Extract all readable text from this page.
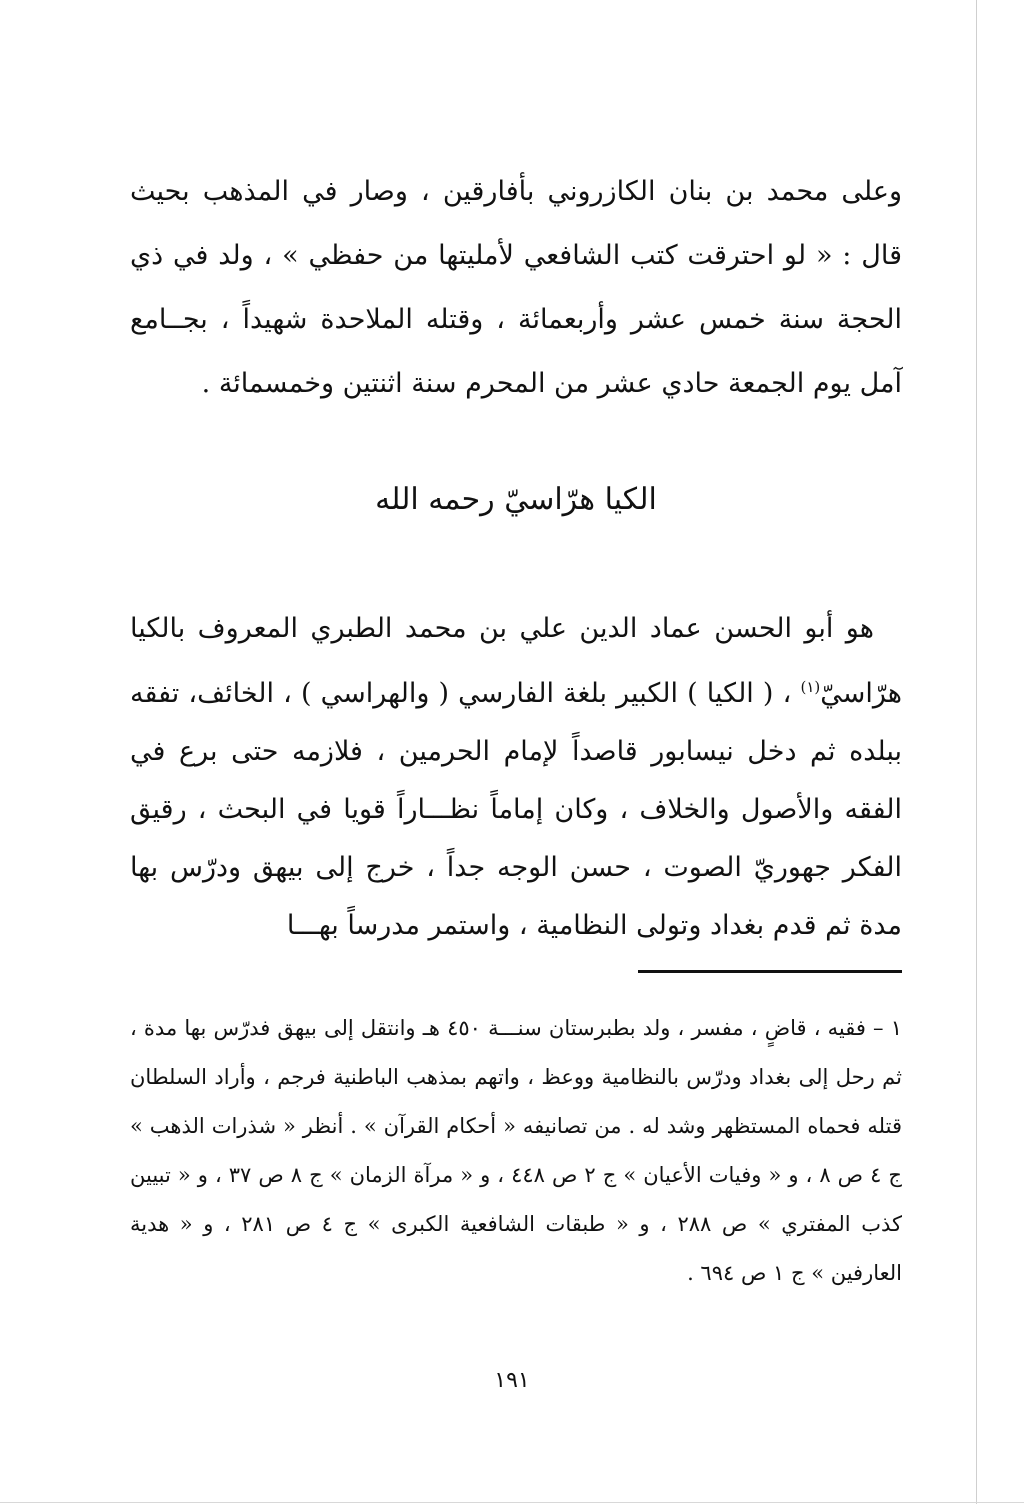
وعلى محمد بن بنان الكازروني بأفارقين ، وصار في المذهب بحيث قال : « لو احترقت كتب الشافعي لأمليتها من حفظي » ، ولد في ذي الحجة سنة خمس عشر وأربعمائة ، وقتله الملاحدة شهيداً ، بجــامع آمل يوم الجمعة حادي عشر من المحرم سنة اثنتين وخمسمائة .

الكيا هرّاسيّ رحمه الله

هو أبو الحسن عماد الدين علي بن محمد الطبري المعروف بالكيا هرّاسيّ$^{(١)}$ ، ( الكيا ) الكبير بلغة الفارسي ( والهراسي ) ، الخائف، تفقه ببلده ثم دخل نيسابور قاصداً لإمام الحرمين ، فلازمه حتى برع في الفقه والأصول والخلاف ، وكان إماماً نظـــاراً قويا في البحث ، رقيق الفكر جهوريّ الصوت ، حسن الوجه جداً ، خرج إلى بيهق ودرّس بها مدة ثم قدم بغداد وتولى النظامية ، واستمر مدرساً بهـــا

١ – فقيه ، قاضٍ ، مفسر ، ولد بطبرستان سنـــة ٤٥٠ هـ وانتقل إلى بيهق فدرّس بها مدة ، ثم رحل إلى بغداد ودرّس بالنظامية ووعظ ، واتهم بمذهب الباطنية فرجم ، وأراد السلطان قتله فحماه المستظهر وشد له . من تصانيفه « أحكام القرآن » . أنظر « شذرات الذهب » ج ٤ ص ٨ ، و « وفيات الأعيان » ج ٢ ص ٤٤٨ ، و « مرآة الزمان » ج ٨ ص ٣٧ ، و « تبيين كذب المفتري » ص ٢٨٨ ، و « طبقات الشافعية الكبرى » ج ٤ ص ٢٨١ ، و « هدية العارفين » ج ١ ص ٦٩٤ .

١٩١
